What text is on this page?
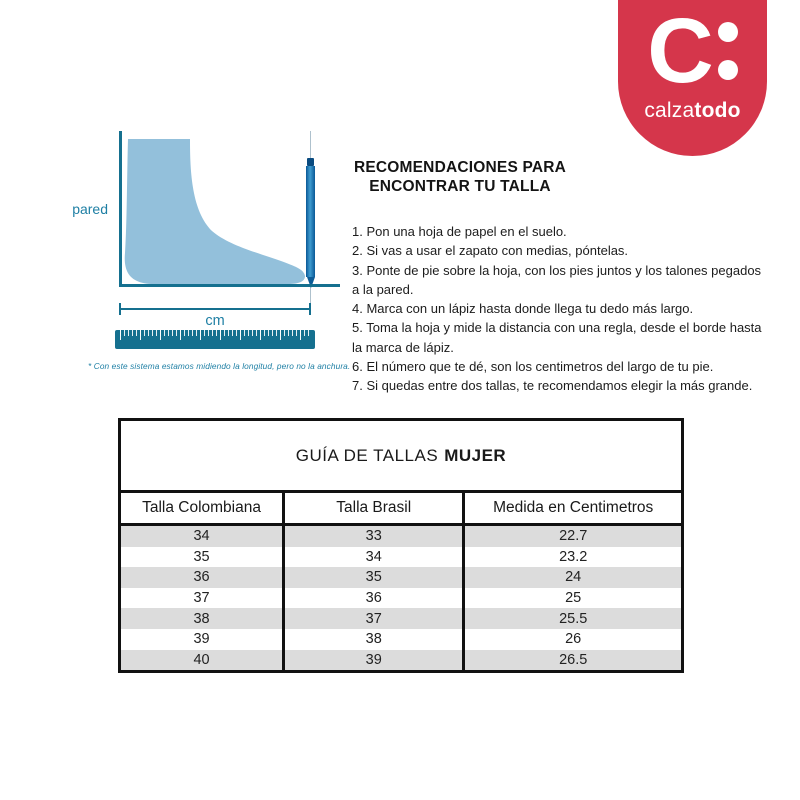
C
calzatodo
pared
cm
* Con este sistema estamos midiendo la longitud, pero no la anchura.
RECOMENDACIONES PARA
ENCONTRAR TU TALLA
1. Pon una hoja de papel en el suelo.
2. Si vas a usar el zapato con medias, póntelas.
3. Ponte de pie sobre la hoja, con los pies juntos y los talones pegados
a la pared.
4. Marca con un lápiz hasta donde llega tu dedo más largo.
5. Toma la hoja y mide la distancia con una regla, desde el borde hasta
la marca de lápiz.
6. El número que te dé, son los centimetros del largo de tu pie.
7. Si quedas entre dos tallas, te recomendamos elegir la más grande.
GUÍA DE TALLAS MUJER
Talla Colombiana	Talla Brasil	Medida en Centimetros
34	33	22.7
35	34	23.2
36	35	24
37	36	25
38	37	25.5
39	38	26
40	39	26.5
